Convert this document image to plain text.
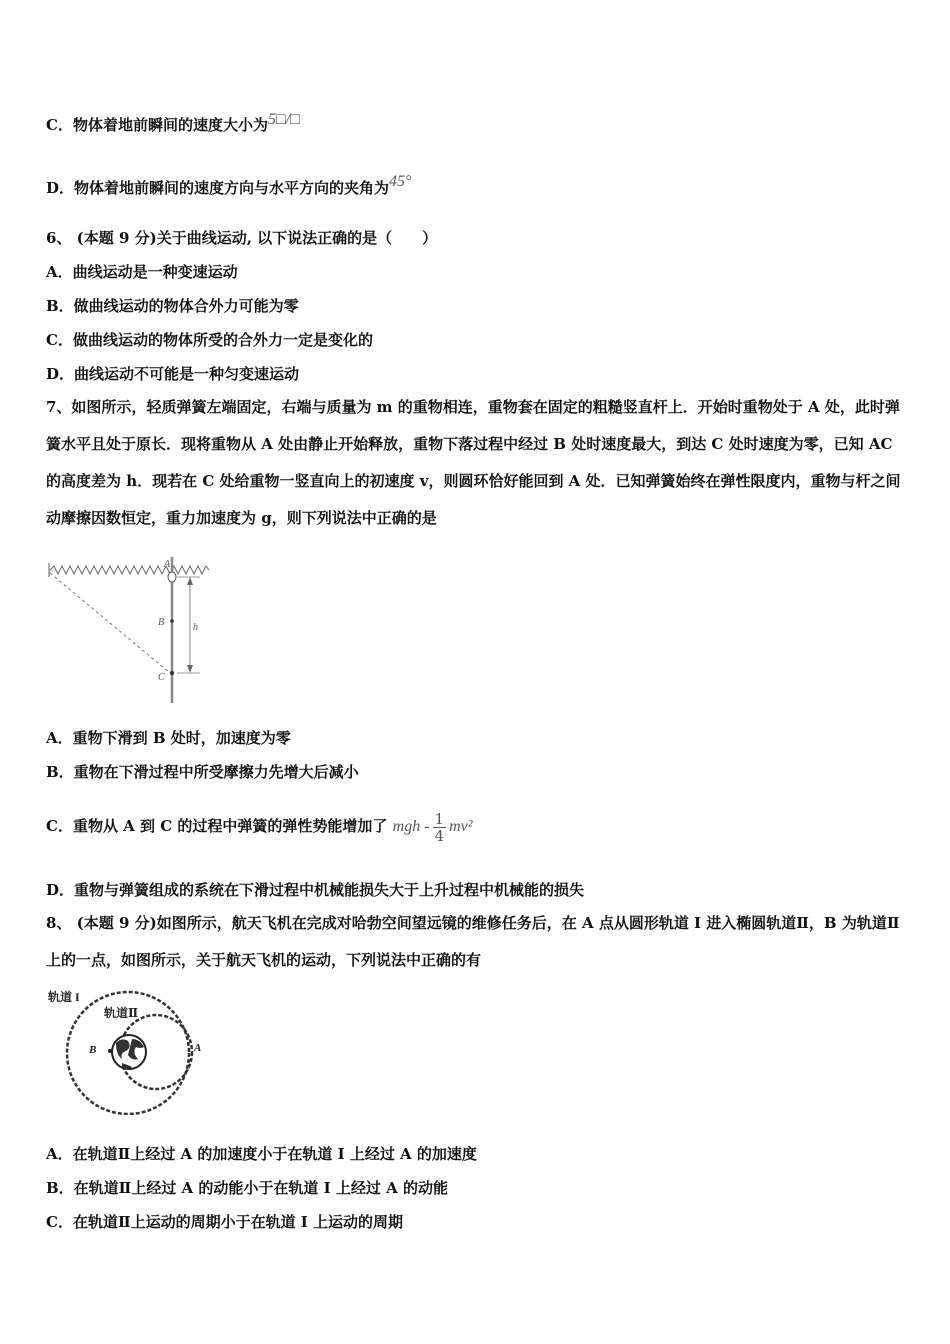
C．物体着地前瞬间的速度大小为5□/□
D．物体着地前瞬间的速度方向与水平方向的夹角为45°
6、 (本题 9 分)关于曲线运动, 以下说法正确的是（　　）
A．曲线运动是一种变速运动
B．做曲线运动的物体合外力可能为零
C．做曲线运动的物体所受的合外力一定是变化的
D．曲线运动不可能是一种匀变速运动
7、如图所示，轻质弹簧左端固定，右端与质量为 m 的重物相连，重物套在固定的粗糙竖直杆上．开始时重物处于 A 处，此时弹簧水平且处于原长．现将重物从 A 处由静止开始释放，重物下落过程中经过 B 处时速度最大，到达 C 处时速度为零，已知 AC 的高度差为 h．现若在 C 处给重物一竖直向上的初速度 v，则圆环恰好能回到 A 处．已知弹簧始终在弹性限度内，重物与杆之间动摩擦因数恒定，重力加速度为 g，则下列说法中正确的是
A
B
C
h
A．重物下滑到 B 处时，加速度为零
B．重物在下滑过程中所受摩擦力先增大后减小
C．重物从 A 到 C 的过程中弹簧的弹性势能增加了 mgh - $\frac{1}{4} mv^2$
D．重物与弹簧组成的系统在下滑过程中机械能损失大于上升过程中机械能的损失
8、 (本题 9 分)如图所示，航天飞机在完成对哈勃空间望远镜的维修任务后，在 A 点从圆形轨道 I 进入椭圆轨道Ⅱ，B 为轨道Ⅱ上的一点，如图所示，关于航天飞机的运动，下列说法中正确的有
轨道 I
轨道Ⅱ
B	A
A．在轨道Ⅱ上经过 A 的加速度小于在轨道 I 上经过 A 的加速度
B．在轨道Ⅱ上经过 A 的动能小于在轨道 I 上经过 A 的动能
C．在轨道Ⅱ上运动的周期小于在轨道 I 上运动的周期
